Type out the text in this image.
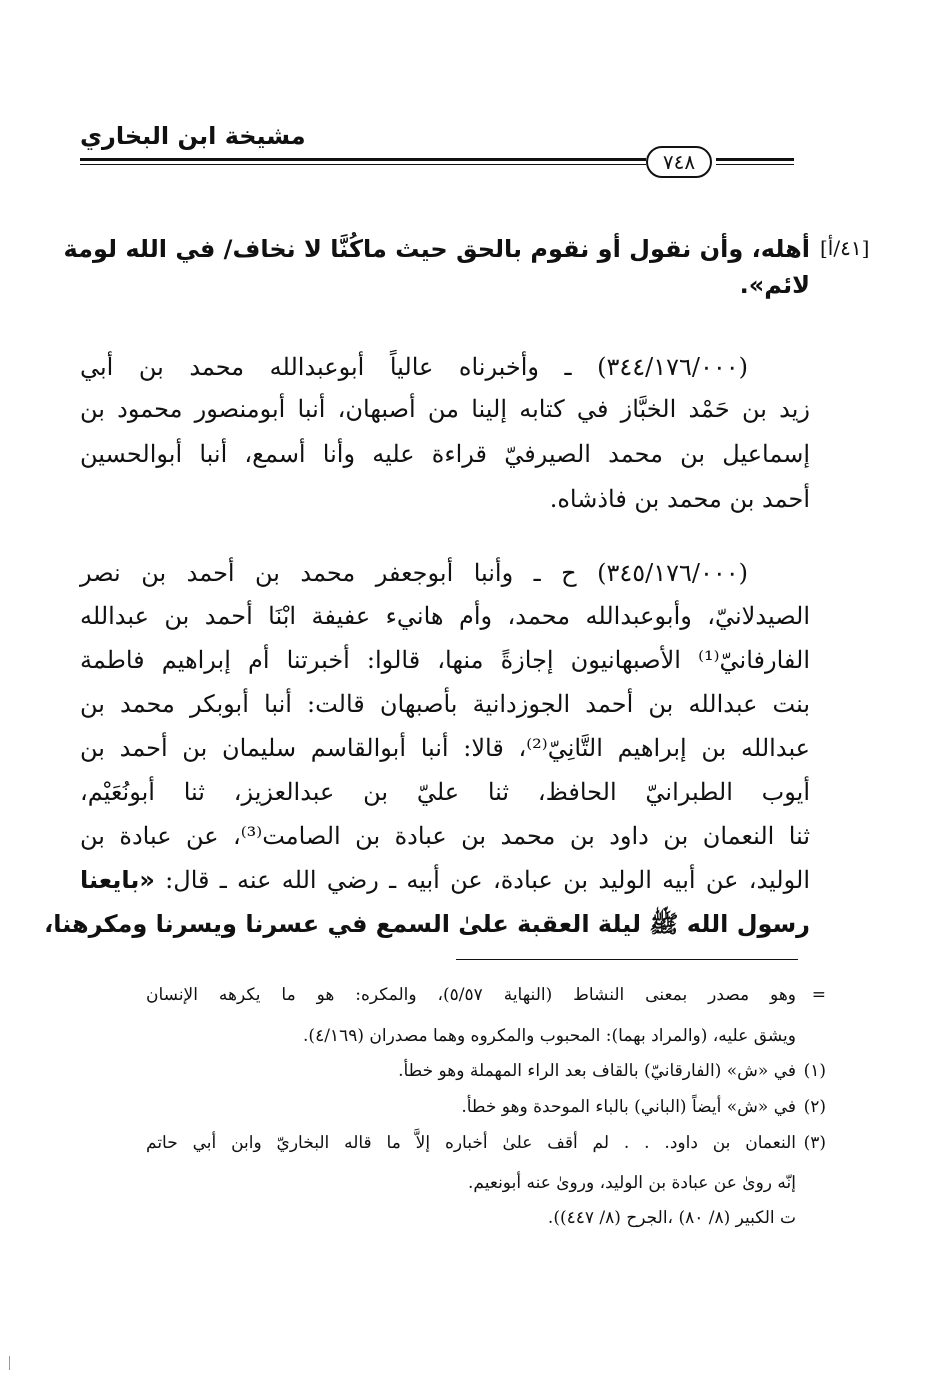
مشيخة ابن البخاري
٧٤٨
[٤١/أ]
أهله، وأن نقول أو نقوم بالحق حيث ماكُنَّا لا نخاف/ في الله لومة
لائم».
(٣٤٤/١٧٦/٠٠٠) ـ وأخبرناه عالياً أبوعبدالله محمد بن أبي
زيد بن حَمْد الخبَّاز في كتابه إلينا من أصبهان، أنبا أبومنصور محمود بن
إسماعيل بن محمد الصيرفيّ قراءة عليه وأنا أسمع، أنبا أبوالحسين
أحمد بن محمد بن فاذشاه.
(٣٤٥/١٧٦/٠٠٠) ح ـ وأنبا أبوجعفر محمد بن أحمد بن نصر
الصيدلانيّ، وأبوعبدالله محمد، وأم هانيء عفيفة ابْنَا أحمد بن عبدالله
الفارفانيّ⁽¹⁾ الأصبهانيون إجازةً منها، قالوا: أخبرتنا أم إبراهيم فاطمة
بنت عبدالله بن أحمد الجوزدانية بأصبهان قالت: أنبا أبوبكر محمد بن
عبدالله بن إبراهيم التَّانِيّ⁽²⁾، قالا: أنبا أبوالقاسم سليمان بن أحمد بن
أيوب الطبرانيّ الحافظ، ثنا عليّ بن عبدالعزيز، ثنا أبونُعَيْم،
ثنا النعمان بن داود بن محمد بن عبادة بن الصامت⁽³⁾، عن عبادة بن
الوليد، عن أبيه الوليد بن عبادة، عن أبيه ـ رضي الله عنه ـ قال: «بايعنا
رسول الله ﷺ ليلة العقبة علىٰ السمع في عسرنا ويسرنا ومكرهنا،
=
وهو مصدر بمعنى النشاط (النهاية ٥/٥٧)، والمكره: هو ما يكرهه الإنسان
ويشق عليه، (والمراد بهما): المحبوب والمكروه وهما مصدران (٤/١٦٩).
(١)
في «ش» (الفارقانيّ) بالقاف بعد الراء المهملة وهو خطأ.
(٢)
في «ش» أيضاً (الباني) بالباء الموحدة وهو خطأ.
(٣)
النعمان بن داود. . . لم أقف علىٰ أخباره إلاَّ ما قاله البخاريّ وابن أبي حاتم
إنّه روىٰ عن عبادة بن الوليد، وروىٰ عنه أبونعيم.
ت الكبير (٨/ ٨٠) ،الجرح (٨/ ٤٤٧)).
